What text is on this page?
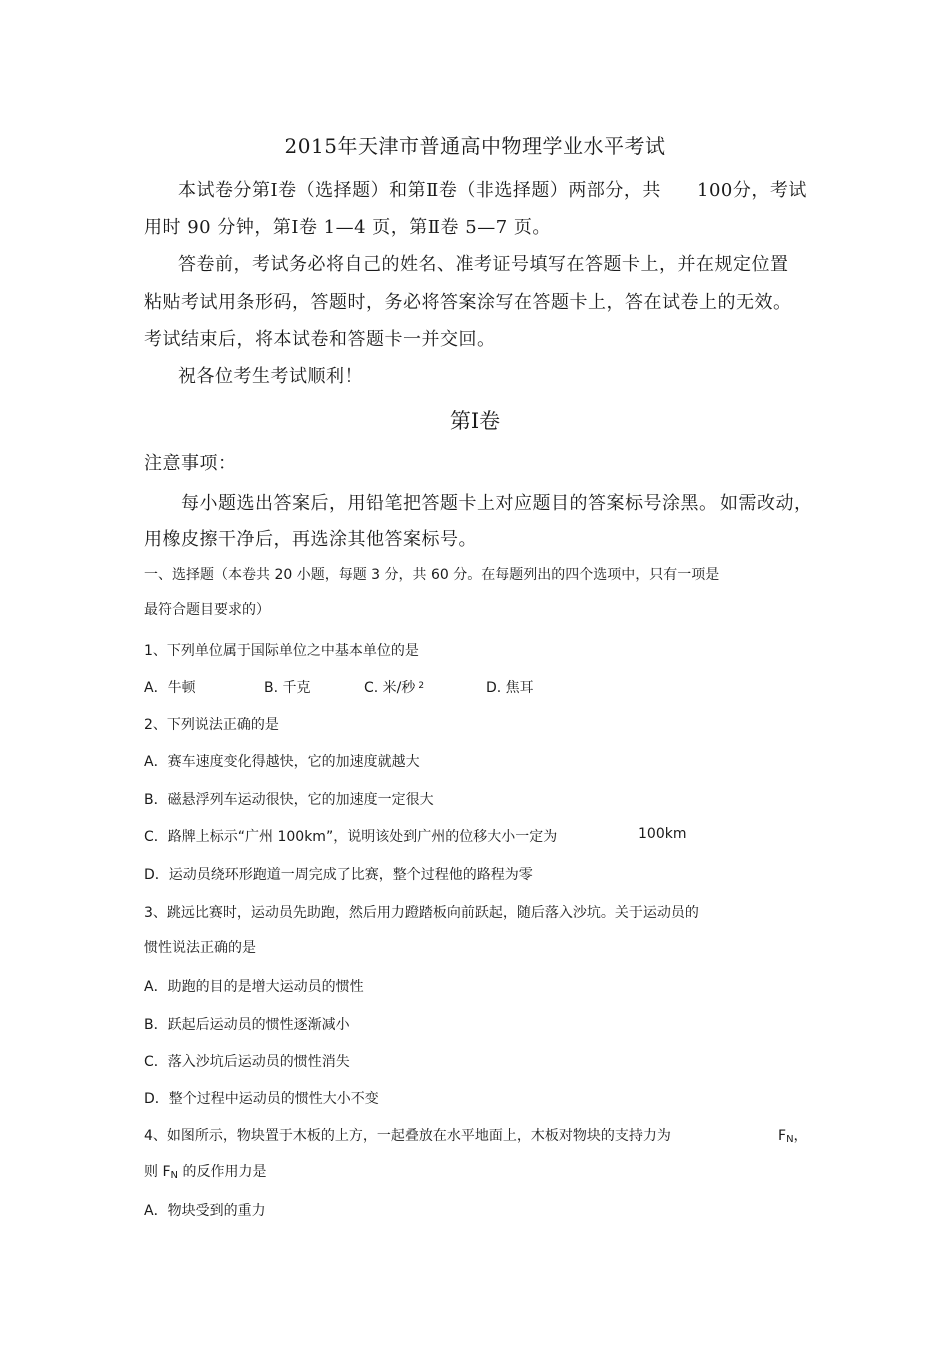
2015年天津市普通高中物理学业水平考试
本试卷分第Ⅰ卷（选择题）和第Ⅱ卷（非选择题）两部分，共 100分，考试
用时 90 分钟，第Ⅰ卷 1—4 页，第Ⅱ卷 5—7 页。
答卷前，考试务必将自己的姓名、准考证号填写在答题卡上，并在规定位置
粘贴考试用条形码，答题时，务必将答案涂写在答题卡上，答在试卷上的无效。
考试结束后，将本试卷和答题卡一并交回。
祝各位考生考试顺利！
第Ⅰ卷
注意事项：
每小题选出答案后，用铅笔把答题卡上对应题目的答案标号涂黑。 如需改动，
用橡皮擦干净后，再选涂其他答案标号。
一、选择题（本卷共 20 小题，每题 3 分，共 60 分。在每题列出的四个选项中，只有一项是
最符合题目要求的）
1、下列单位属于国际单位之中基本单位的是
A．牛顿	B. 千克	C. 米/秒 $^2$	D. 焦耳
2、下列说法正确的是
A．赛车速度变化得越快，它的加速度就越大
B．磁悬浮列车运动很快，它的加速度一定很大
C．路牌上标示“广州 100km”，说明该处到广州的位移大小一定为	100km
D．运动员绕环形跑道一周完成了比赛，整个过程他的路程为零
3、跳远比赛时，运动员先助跑，然后用力蹬踏板向前跃起，随后落入沙坑。关于运动员的
惯性说法正确的是
A．助跑的目的是增大运动员的惯性
B．跃起后运动员的惯性逐渐减小
C．落入沙坑后运动员的惯性消失
D．整个过程中运动员的惯性大小不变
4、如图所示，物块置于木板的上方，一起叠放在水平地面上，木板对物块的支持力为	$F_N$，
则 $F_N$ 的反作用力是
A．物块受到的重力
